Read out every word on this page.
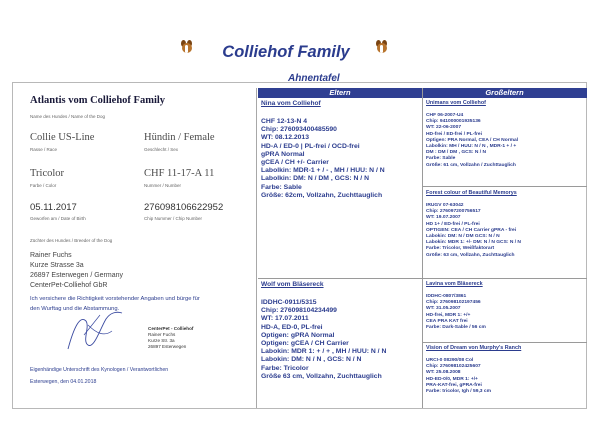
Colliehof Family
Ahnentafel
Atlantis vom Colliehof Family
Name des Hundes / Name of the Dog
Collie US-Line
Rasse / Race
Hündin / Female
Geschlecht / Sex
Tricolor
Farbe / Color
CHF 11-17-A 11
Nummer / Number
05.11.2017
Geworfen am / Date of Birth
276098106622952
Chip Nummer / Chip Number
Züchter des Hundes / Breeder of the Dog
Rainer Fuchs
Kurze Strasse 3a
26897 Esterwegen / Germany
CenterPet-Colliehof GbR
Ich versichere die Richtigkeit vorstehender Angaben und bürge für
den Wurftag und die Abstammung.
Eigenhändige Unterschrift des Kynologen / Verantwortlichen
Esterwegen, den 04.01.2018
CenterPet - Colliehof
Rainer Fuchs
Kurze Str. 3a
26897 Esterwegen
Eltern	Großeltern
Nina vom Colliehof
CHF 12-13-N 4
Chip: 276093400485590
WT: 08.12.2013
HD-A / ED-0 | PL-frei / OCD-frei
gPRA Normal
gCEA / CH +/- Carrier
Labolkin: MDR-1 + / - , MH / HUU: N / N
Labolkin: DM: N / DM , GCS: N / N
Farbe: Sable
Größe: 62cm, Vollzahn, Zuchttauglich
Wolf vom Bläsereck
IDDHC-0911/5315
Chip: 276098104234499
WT: 17.07.2011
HD-A, ED-0, PL-frei
Optigen: gPRA Normal
Optigen: gCEA / CH Carrier
Labokin: MDR 1: + / + , MH / HUU: N / N
Labokin: DM: N / N , GCS: N / N
Farbe: Tricolor
Größe 63 cm, Vollzahn, Zuchttauglich
Unimans vom Colliehof
CHF 06-2007-U4
Chip: 941000001935136
WT: 22-06-2007
HD-frei / ED-frei / PL-frei
Optigen: PRA Normal, CEA / CH Normal
Labolkin: MH / HUU: N / N , MDR-1 + / +
DM : DM / DM , GCS: N / N
Farbe: Sable
Größe: 61 cm, Vollzahn / Zuchttauglich
Forest colour of Beautiful Memorys
IRUGV 07-63042
Chip: 276097200756517
WT: 19.07.2007
HD 1+ / ED-frei / PL-frei
OPTIGEN: CEA / CH Carrier gPRA - frei
Labokin: DM: N / DM GCS: N / N
Labokin: MDR 1: +/- DM: N / N GCS: N / N
Farbe: Tricolor, Weißfaktorart
Größe: 63 cm, Vollzahn, Zuchttauglich
Lavina vom Bläsereck
IDDHC-0807/3861
Chip: 276098102197456
WT: 31.05.2007
HD-frei, MDR 1: +/+
CEA PRA KAT frei
Farbe: Dark-Sable / 56 cm
Vision of Dream von Murphy's Ranch
URCI-0 08290/08 Col
Chip: 276098102425607
WT: 25.08.2008
HD-ED-0/0, MDR 1: +/+
PRA-KAT-frei, gPRA-frei
Farbe: tricolor, Igh / 59,3 cm
